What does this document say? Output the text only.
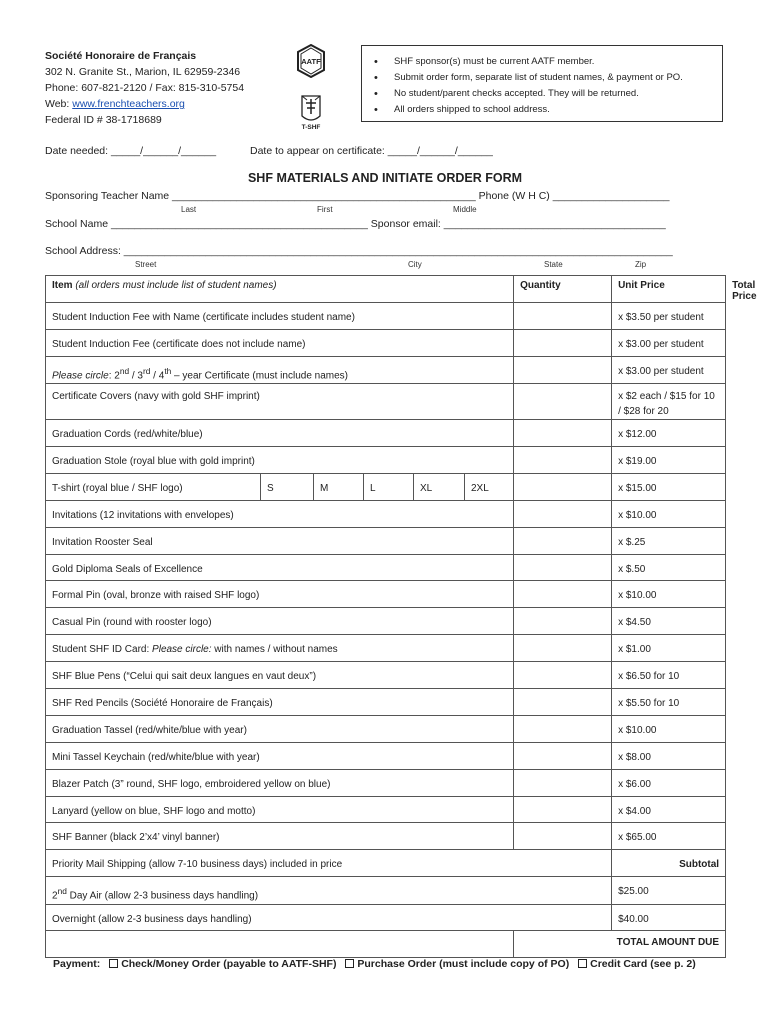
Société Honoraire de Français
302 N. Granite St., Marion, IL 62959-2346
Phone: 607-821-2120 / Fax: 815-310-5754
Web: www.frenchteachers.org
Federal ID # 38-1718689
AATF
T-SHF
• SHF sponsor(s) must be current AATF member.
• Submit order form, separate list of student names, & payment or PO.
• No student/parent checks accepted. They will be returned.
• All orders shipped to school address.
Date needed: _____/______/______	Date to appear on certificate: _____/______/______
SHF MATERIALS AND INITIATE ORDER FORM
Sponsoring Teacher Name ____________________________________________________ Phone (W H C) ____________________
Last	First	Middle
School Name ____________________________________________ Sponsor email: ______________________________________
School Address: ______________________________________________________________________________________________
Street	City	State	Zip
Item (all orders must include list of student names)						Quantity	Unit Price	Total Price
Student Induction Fee with Name (certificate includes student name)							x $3.50 per student	
Student Induction Fee (certificate does not include name)							x $3.00 per student	
Please circle: 2nd / 3rd / 4th – year Certificate (must include names)							x $3.00 per student	
Certificate Covers (navy with gold SHF imprint)							x $2 each / $15 for 10 / $28 for 20	
Graduation Cords (red/white/blue)							x $12.00	
Graduation Stole (royal blue with gold imprint)							x $19.00	
T-shirt (royal blue / SHF logo)	S	M	L	XL	2XL		x $15.00	
Invitations (12 invitations with envelopes)							x $10.00	
Invitation Rooster Seal							x $.25	
Gold Diploma Seals of Excellence							x $.50	
Formal Pin (oval, bronze with raised SHF logo)							x $10.00	
Casual Pin (round with rooster logo)							x $4.50	
Student SHF ID Card: Please circle: with names / without names							x $1.00	
SHF Blue Pens (“Celui qui sait deux langues en vaut deux”)							x $6.50 for 10	
SHF Red Pencils (Société Honoraire de Français)							x $5.50 for 10	
Graduation Tassel (red/white/blue with year)							x $10.00	
Mini Tassel Keychain (red/white/blue with year)							x $8.00	
Blazer Patch (3” round, SHF logo, embroidered yellow on blue)							x $6.00	
Lanyard (yellow on blue, SHF logo and motto)							x $4.00	
SHF Banner (black 2’x4’ vinyl banner)							x $65.00	
Priority Mail Shipping (allow 7-10 business days) included in price							Subtotal	
2nd Day Air (allow 2-3 business days handling)							$25.00	
Overnight (allow 2-3 business days handling)							$40.00	
						TOTAL AMOUNT DUE		
Payment: Check/Money Order (payable to AATF-SHF) Purchase Order (must include copy of PO) Credit Card (see p. 2)
